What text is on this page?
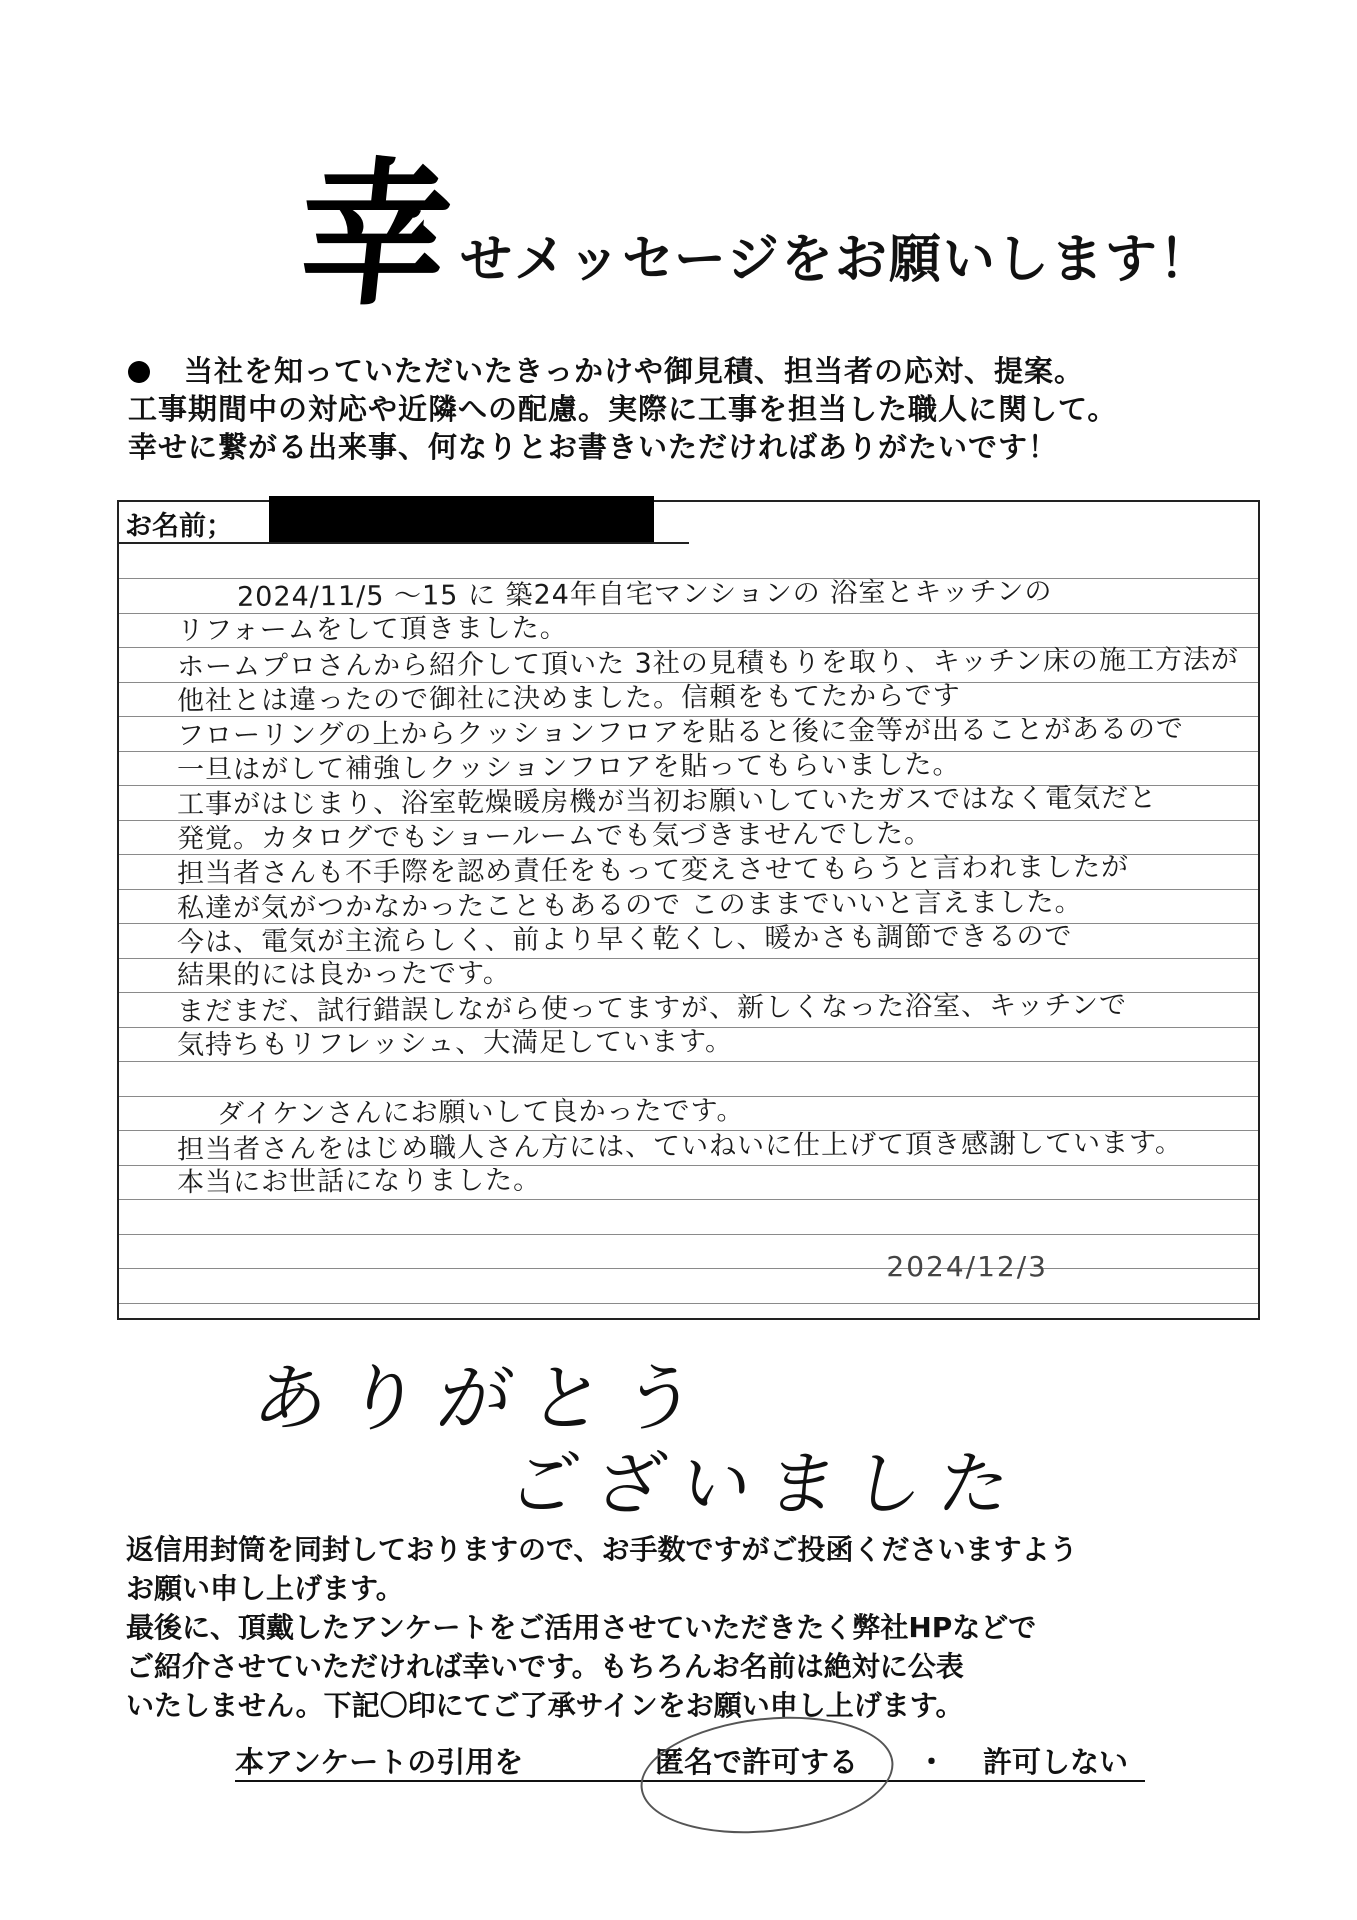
幸 せメッセージをお願いします！
当社を知っていただいたきっかけや御見積、担当者の応対、提案。
工事期間中の対応や近隣への配慮。実際に工事を担当した職人に関して。
幸せに繋がる出来事、何なりとお書きいただければありがたいです！
お名前；
2024/11/5 〜15 に 築24年自宅マンションの 浴室とキッチンの
リフォームをして頂きました。
ホームプロさんから紹介して頂いた 3社の見積もりを取り、キッチン床の施工方法が
他社とは違ったので御社に決めました。信頼をもてたからです
フローリングの上からクッションフロアを貼ると後に金等が出ることがあるので
一旦はがして補強しクッションフロアを貼ってもらいました。
工事がはじまり、浴室乾燥暖房機が当初お願いしていたガスではなく電気だと
発覚。カタログでもショールームでも気づきませんでした。
担当者さんも不手際を認め責任をもって変えさせてもらうと言われましたが
私達が気がつかなかったこともあるので このままでいいと言えました。
今は、電気が主流らしく、前より早く乾くし、暖かさも調節できるので
結果的には良かったです。
まだまだ、試行錯誤しながら使ってますが、新しくなった浴室、キッチンで
気持ちもリフレッシュ、大満足しています。
ダイケンさんにお願いして良かったです。
担当者さんをはじめ職人さん方には、ていねいに仕上げて頂き感謝しています。
本当にお世話になりました。
2024/12/3
ありがとう
ございました
返信用封筒を同封しておりますので、お手数ですがご投函くださいますよう
お願い申し上げます。
最後に、頂戴したアンケートをご活用させていただきたく弊社HPなどで
ご紹介させていただければ幸いです。もちろんお名前は絶対に公表
いたしません。下記〇印にてご了承サインをお願い申し上げます。
本アンケートの引用を	匿名で許可する ・ 許可しない
